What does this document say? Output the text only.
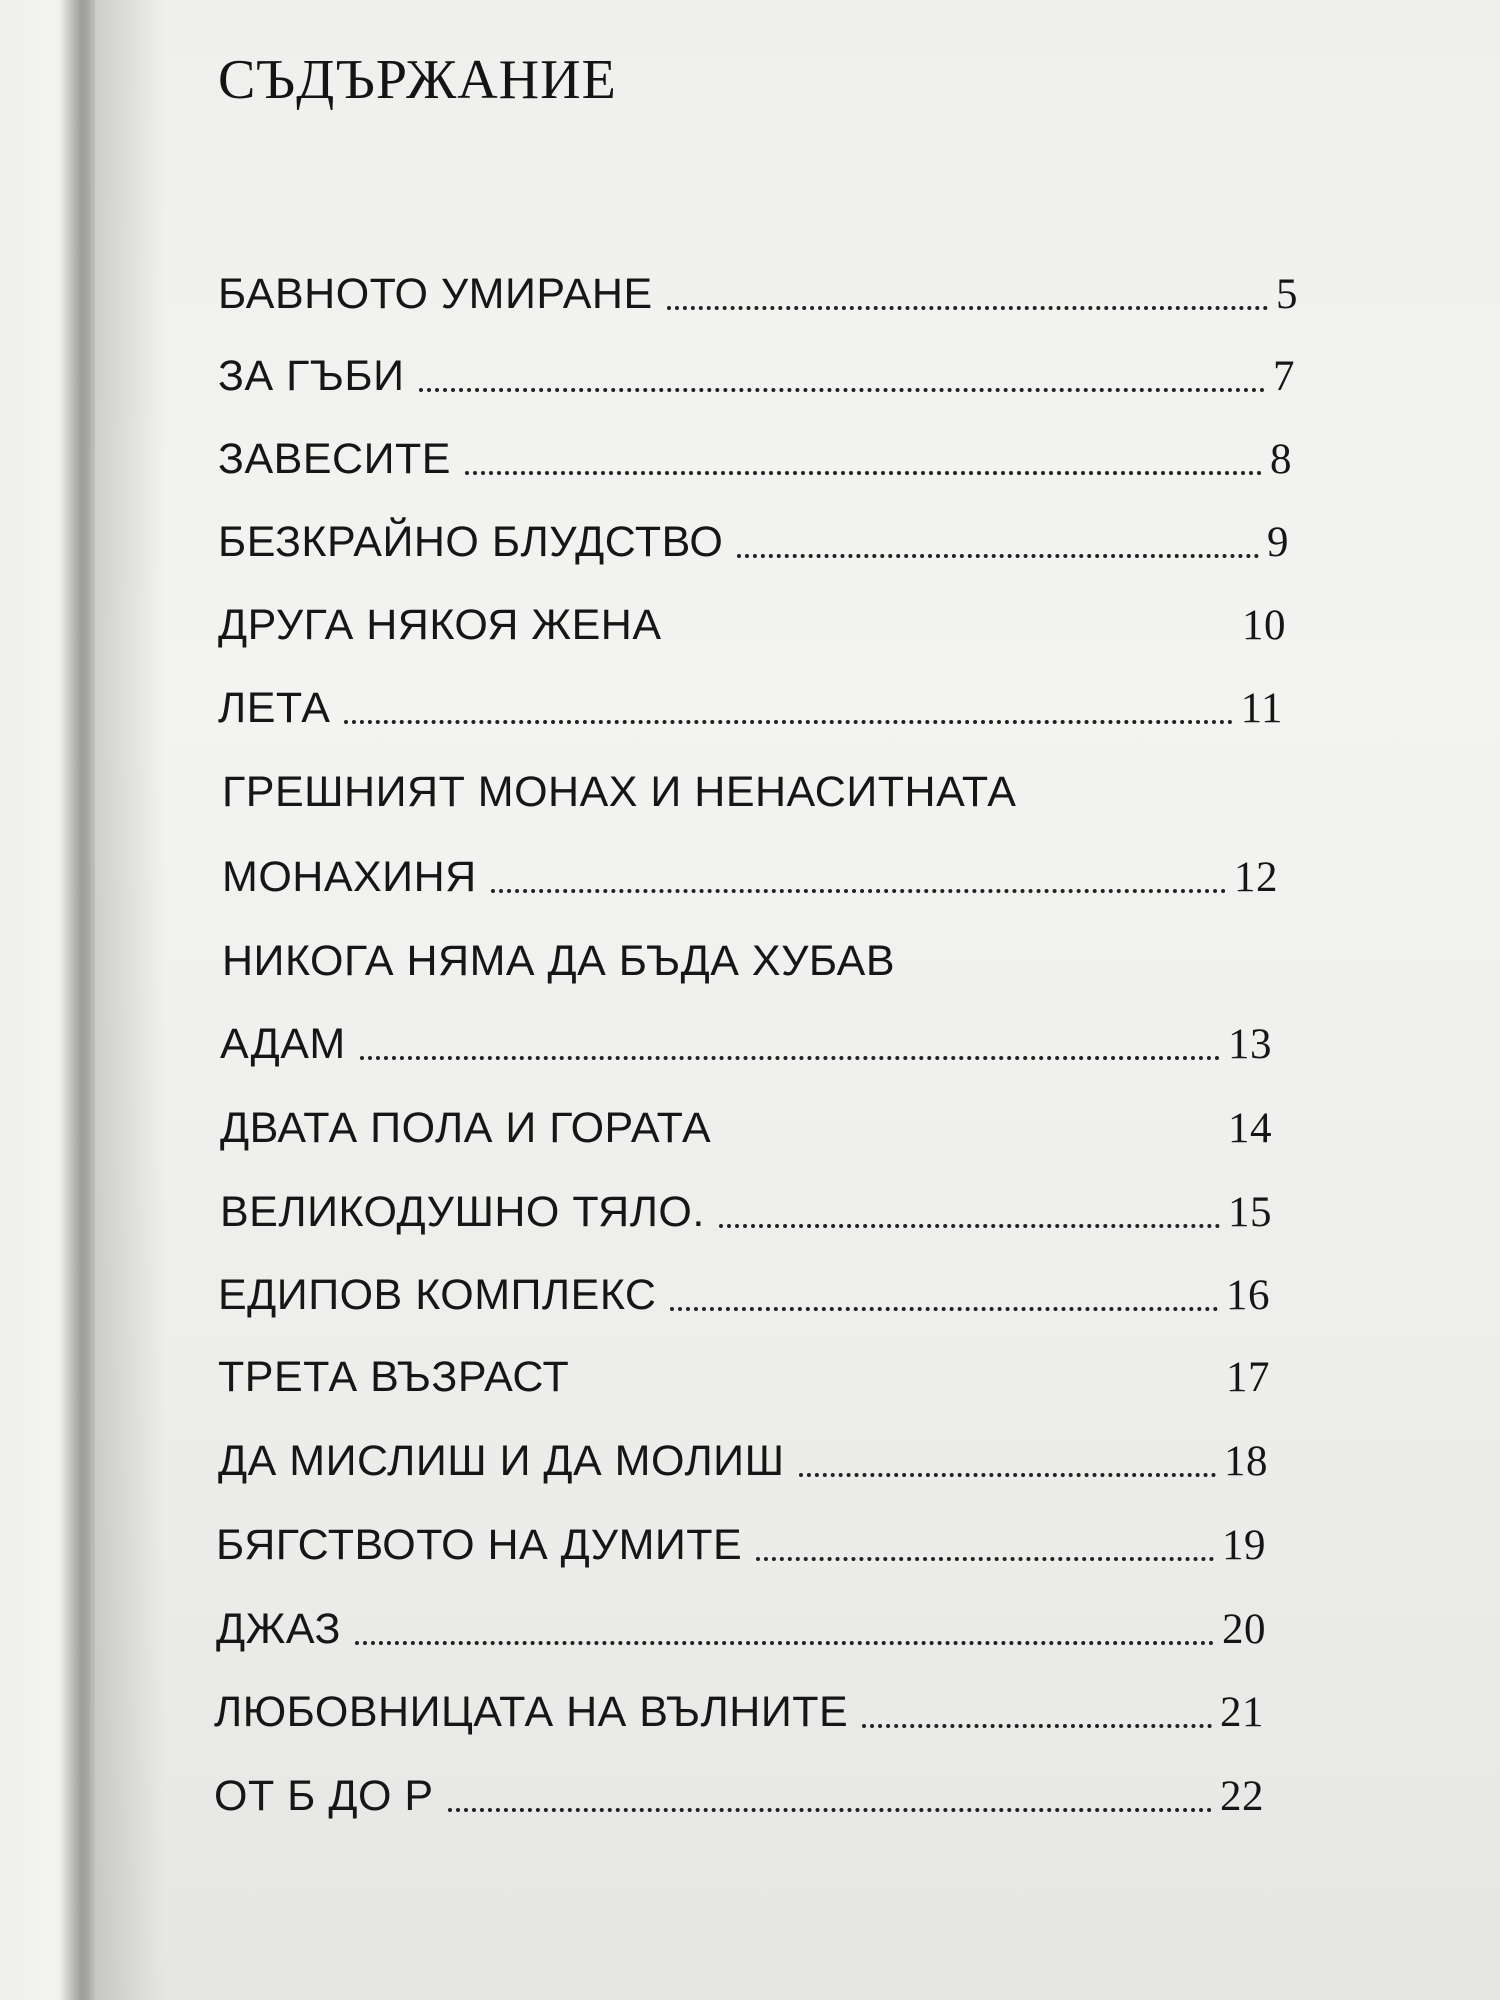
СЪДЪРЖАНИЕ
БАВНОТО УМИРАНЕ	5
ЗА ГЪБИ	7
ЗАВЕСИТЕ	8
БЕЗКРАЙНО БЛУДСТВО	9
ДРУГА НЯКОЯ ЖЕНА	10
ЛЕТА	11
ГРЕШНИЯТ МОНАХ И НЕНАСИТНАТА
МОНАХИНЯ	12
НИКОГА НЯМА ДА БЪДА ХУБАВ
АДАМ	13
ДВАТА ПОЛА И ГОРАТА	14
ВЕЛИКОДУШНО ТЯЛО.	15
ЕДИПОВ КОМПЛЕКС	16
ТРЕТА ВЪЗРАСТ	17
ДА МИСЛИШ И ДА МОЛИШ	18
БЯГСТВОТО НА ДУМИТЕ	19
ДЖАЗ	20
ЛЮБОВНИЦАТА НА ВЪЛНИТЕ	21
ОТ Б ДО Р	22
